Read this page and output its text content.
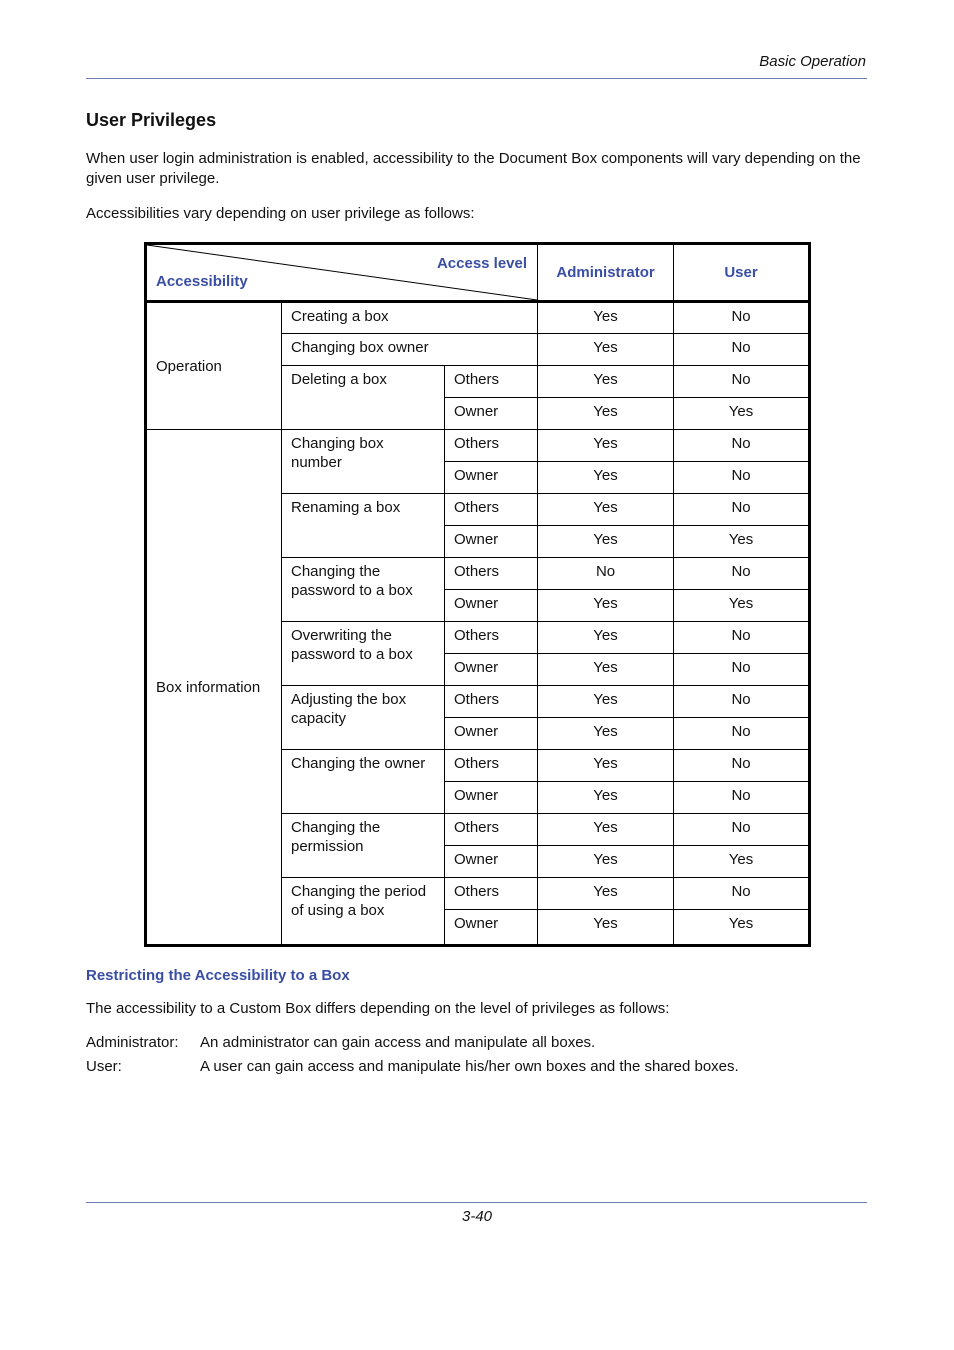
Basic Operation
User Privileges

When user login administration is enabled, accessibility to the Document Box components will vary depending on the given user privilege.

Accessibilities vary depending on user privilege as follows:

Access level
Accessibility			Administrator	User
Operation	Creating a box		Yes	No
	Changing box owner		Yes	No
	Deleting a box	Others	Yes	No
		Owner	Yes	Yes
Box information	Changing box number	Others	Yes	No
		Owner	Yes	No
	Renaming a box	Others	Yes	No
		Owner	Yes	Yes
	Changing the password to a box	Others	No	No
		Owner	Yes	Yes
	Overwriting the password to a box	Others	Yes	No
		Owner	Yes	No
	Adjusting the box capacity	Others	Yes	No
		Owner	Yes	No
	Changing the owner	Others	Yes	No
		Owner	Yes	No
	Changing the permission	Others	Yes	No
		Owner	Yes	Yes
	Changing the period of using a box	Others	Yes	No
		Owner	Yes	Yes
Restricting the Accessibility to a Box

The accessibility to a Custom Box differs depending on the level of privileges as follows:

Administrator: An administrator can gain access and manipulate all boxes.
User:	A user can gain access and manipulate his/her own boxes and the shared boxes.
3-40
